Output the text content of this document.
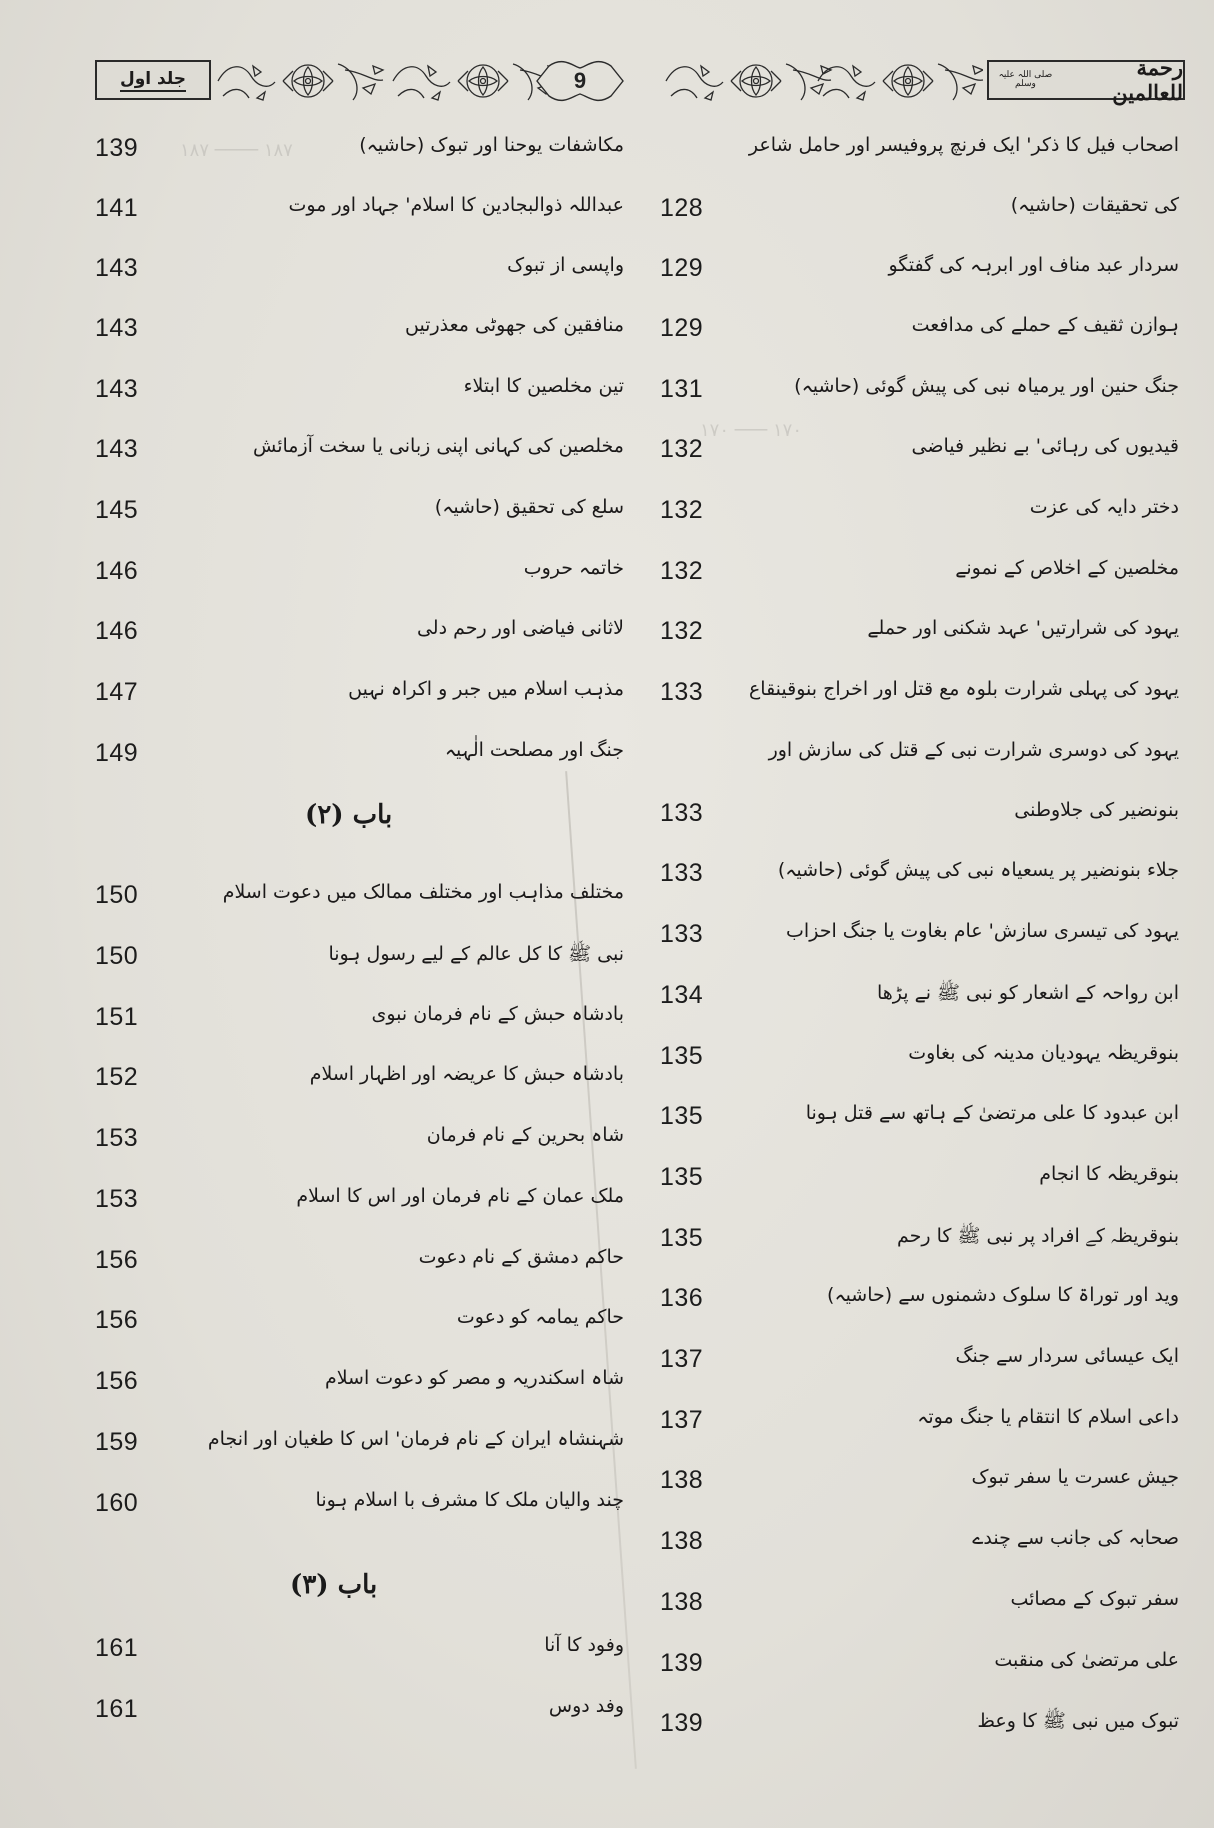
جلد اول	9
رحمة للعالمین
صلی اللہ علیہ وسلم
۱۸۷ ──── ۱۸۷
۱۷۰ ─── ۱۷۰
اصحاب فیل کا ذکر' ایک فرنچ پروفیسر اور حامل شاعر
کی تحقیقات (حاشیہ)
128
سردار عبد مناف اور ابرہہ کی گفتگو
129
ہوازن ثقیف کے حملے کی مدافعت
129
جنگ حنین اور یرمیاہ نبی کی پیش گوئی (حاشیہ)
131
قیدیوں کی رہائی' بے نظیر فیاضی
132
دختر دایہ کی عزت
132
مخلصین کے اخلاص کے نمونے
132
یہود کی شرارتیں' عہد شکنی اور حملے
132
یہود کی پہلی شرارت بلوہ مع قتل اور اخراج بنوقینقاع
133
یہود کی دوسری شرارت نبی کے قتل کی سازش اور
بنونضیر کی جلاوطنی
133
جلاء بنونضیر پر یسعیاہ نبی کی پیش گوئی (حاشیہ)
133
یہود کی تیسری سازش' عام بغاوت یا جنگ احزاب
133
ابن رواحہ کے اشعار کو نبی ﷺ نے پڑھا
134
بنوقریظہ یہودیان مدینہ کی بغاوت
135
ابن عبدود کا علی مرتضیٰ کے ہاتھ سے قتل ہونا
135
بنوقریظہ کا انجام
135
بنوقریظہ کے افراد پر نبی ﷺ کا رحم
135
وید اور توراۃ کا سلوک دشمنوں سے (حاشیہ)
136
ایک عیسائی سردار سے جنگ
137
داعی اسلام کا انتقام یا جنگ موتہ
137
جیش عسرت یا سفر تبوک
138
صحابہ کی جانب سے چندے
138
سفر تبوک کے مصائب
138
علی مرتضیٰ کی منقبت
139
تبوک میں نبی ﷺ کا وعظ
139
مکاشفات یوحنا اور تبوک (حاشیہ)
139
عبداللہ ذوالبجادین کا اسلام' جہاد اور موت
141
واپسی از تبوک
143
منافقین کی جھوٹی معذرتیں
143
تین مخلصین کا ابتلاء
143
مخلصین کی کہانی اپنی زبانی یا سخت آزمائش
143
سلع کی تحقیق (حاشیہ)
145
خاتمہ حروب
146
لاثانی فیاضی اور رحم دلی
146
مذہب اسلام میں جبر و اکراہ نہیں
147
جنگ اور مصلحت الٰہیہ
149
باب (۲)
مختلف مذاہب اور مختلف ممالک میں دعوت اسلام
150
نبی ﷺ کا کل عالم کے لیے رسول ہونا
150
بادشاہ حبش کے نام فرمان نبوی
151
بادشاہ حبش کا عریضہ اور اظہار اسلام
152
شاہ بحرین کے نام فرمان
153
ملک عمان کے نام فرمان اور اس کا اسلام
153
حاکم دمشق کے نام دعوت
156
حاکم یمامہ کو دعوت
156
شاہ اسکندریہ و مصر کو دعوت اسلام
156
شہنشاہ ایران کے نام فرمان' اس کا طغیان اور انجام
159
چند والیان ملک کا مشرف با اسلام ہونا
160
باب (۳)
وفود کا آنا
161
وفد دوس
161
